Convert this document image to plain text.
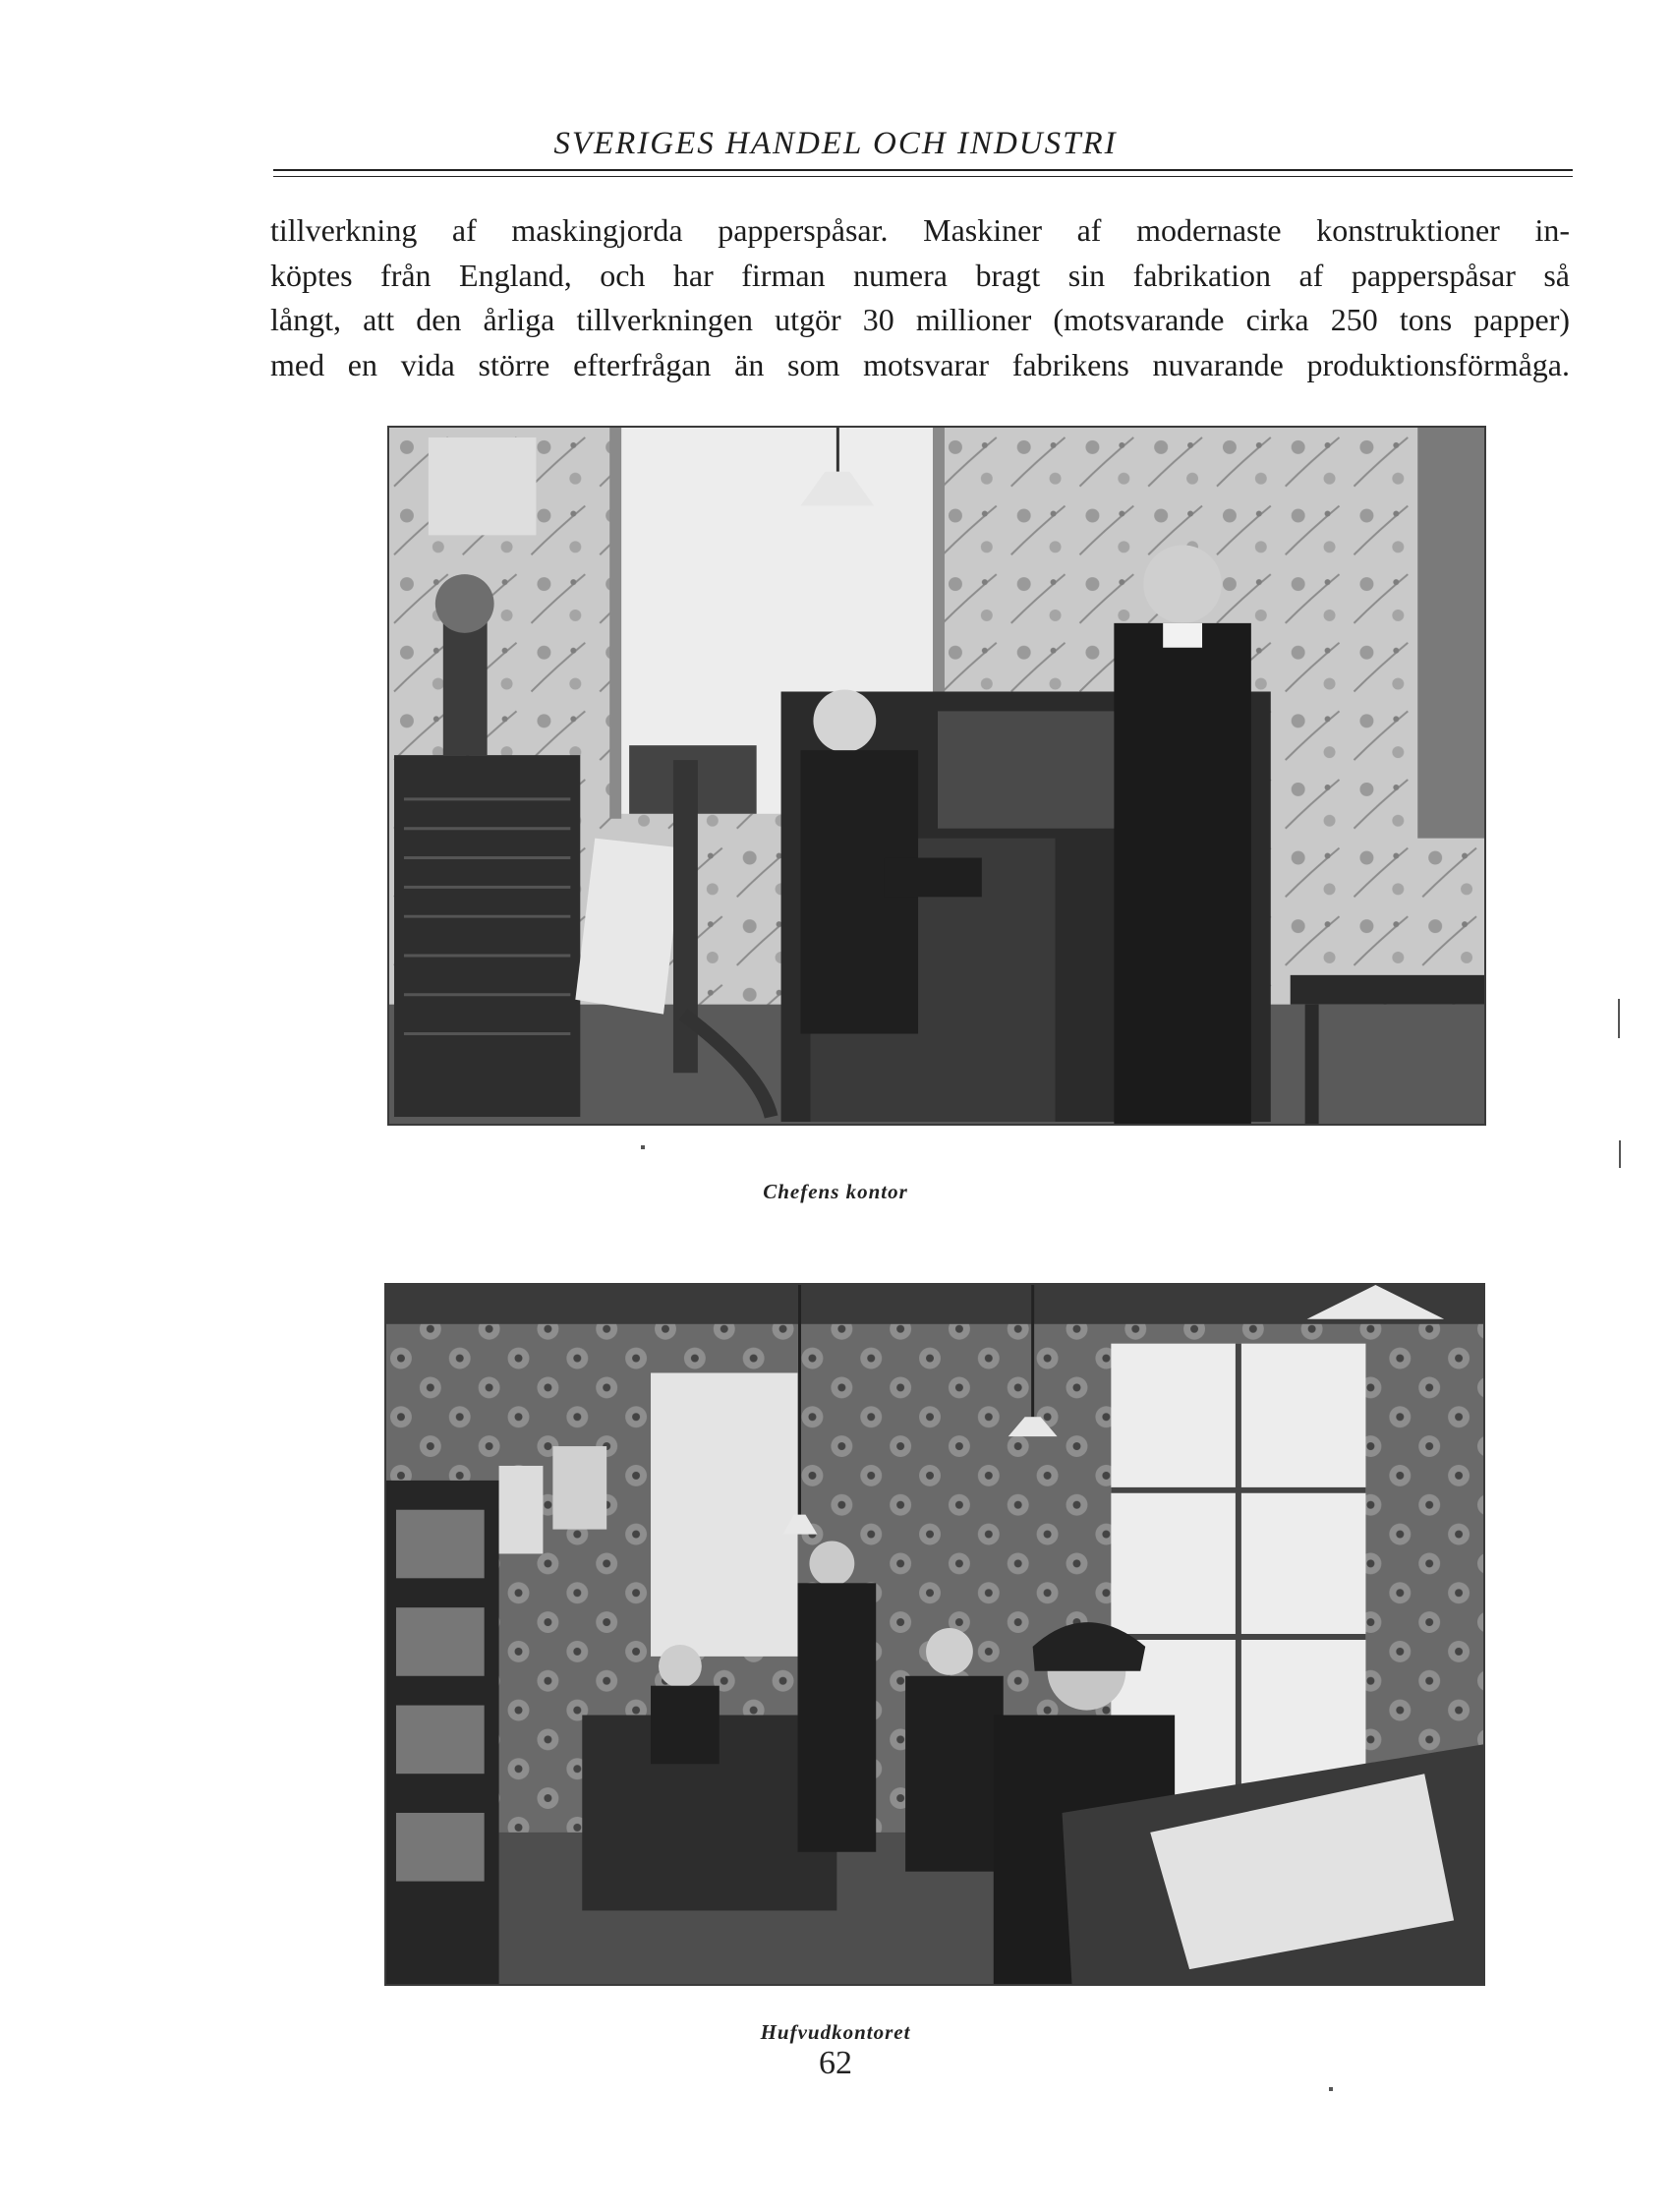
SVERIGES HANDEL OCH INDUSTRI
tillverkning af maskingjorda papperspåsar. Maskiner af modernaste konstruktioner in-
köptes från England, och har firman numera bragt sin fabrikation af papperspåsar så
långt, att den årliga tillverkningen utgör 30 millioner (motsvarande cirka 250 tons papper)
med en vida större efterfrågan än som motsvarar fabrikens nuvarande produktionsförmåga.
Chefens kontor
Hufvudkontoret
62
